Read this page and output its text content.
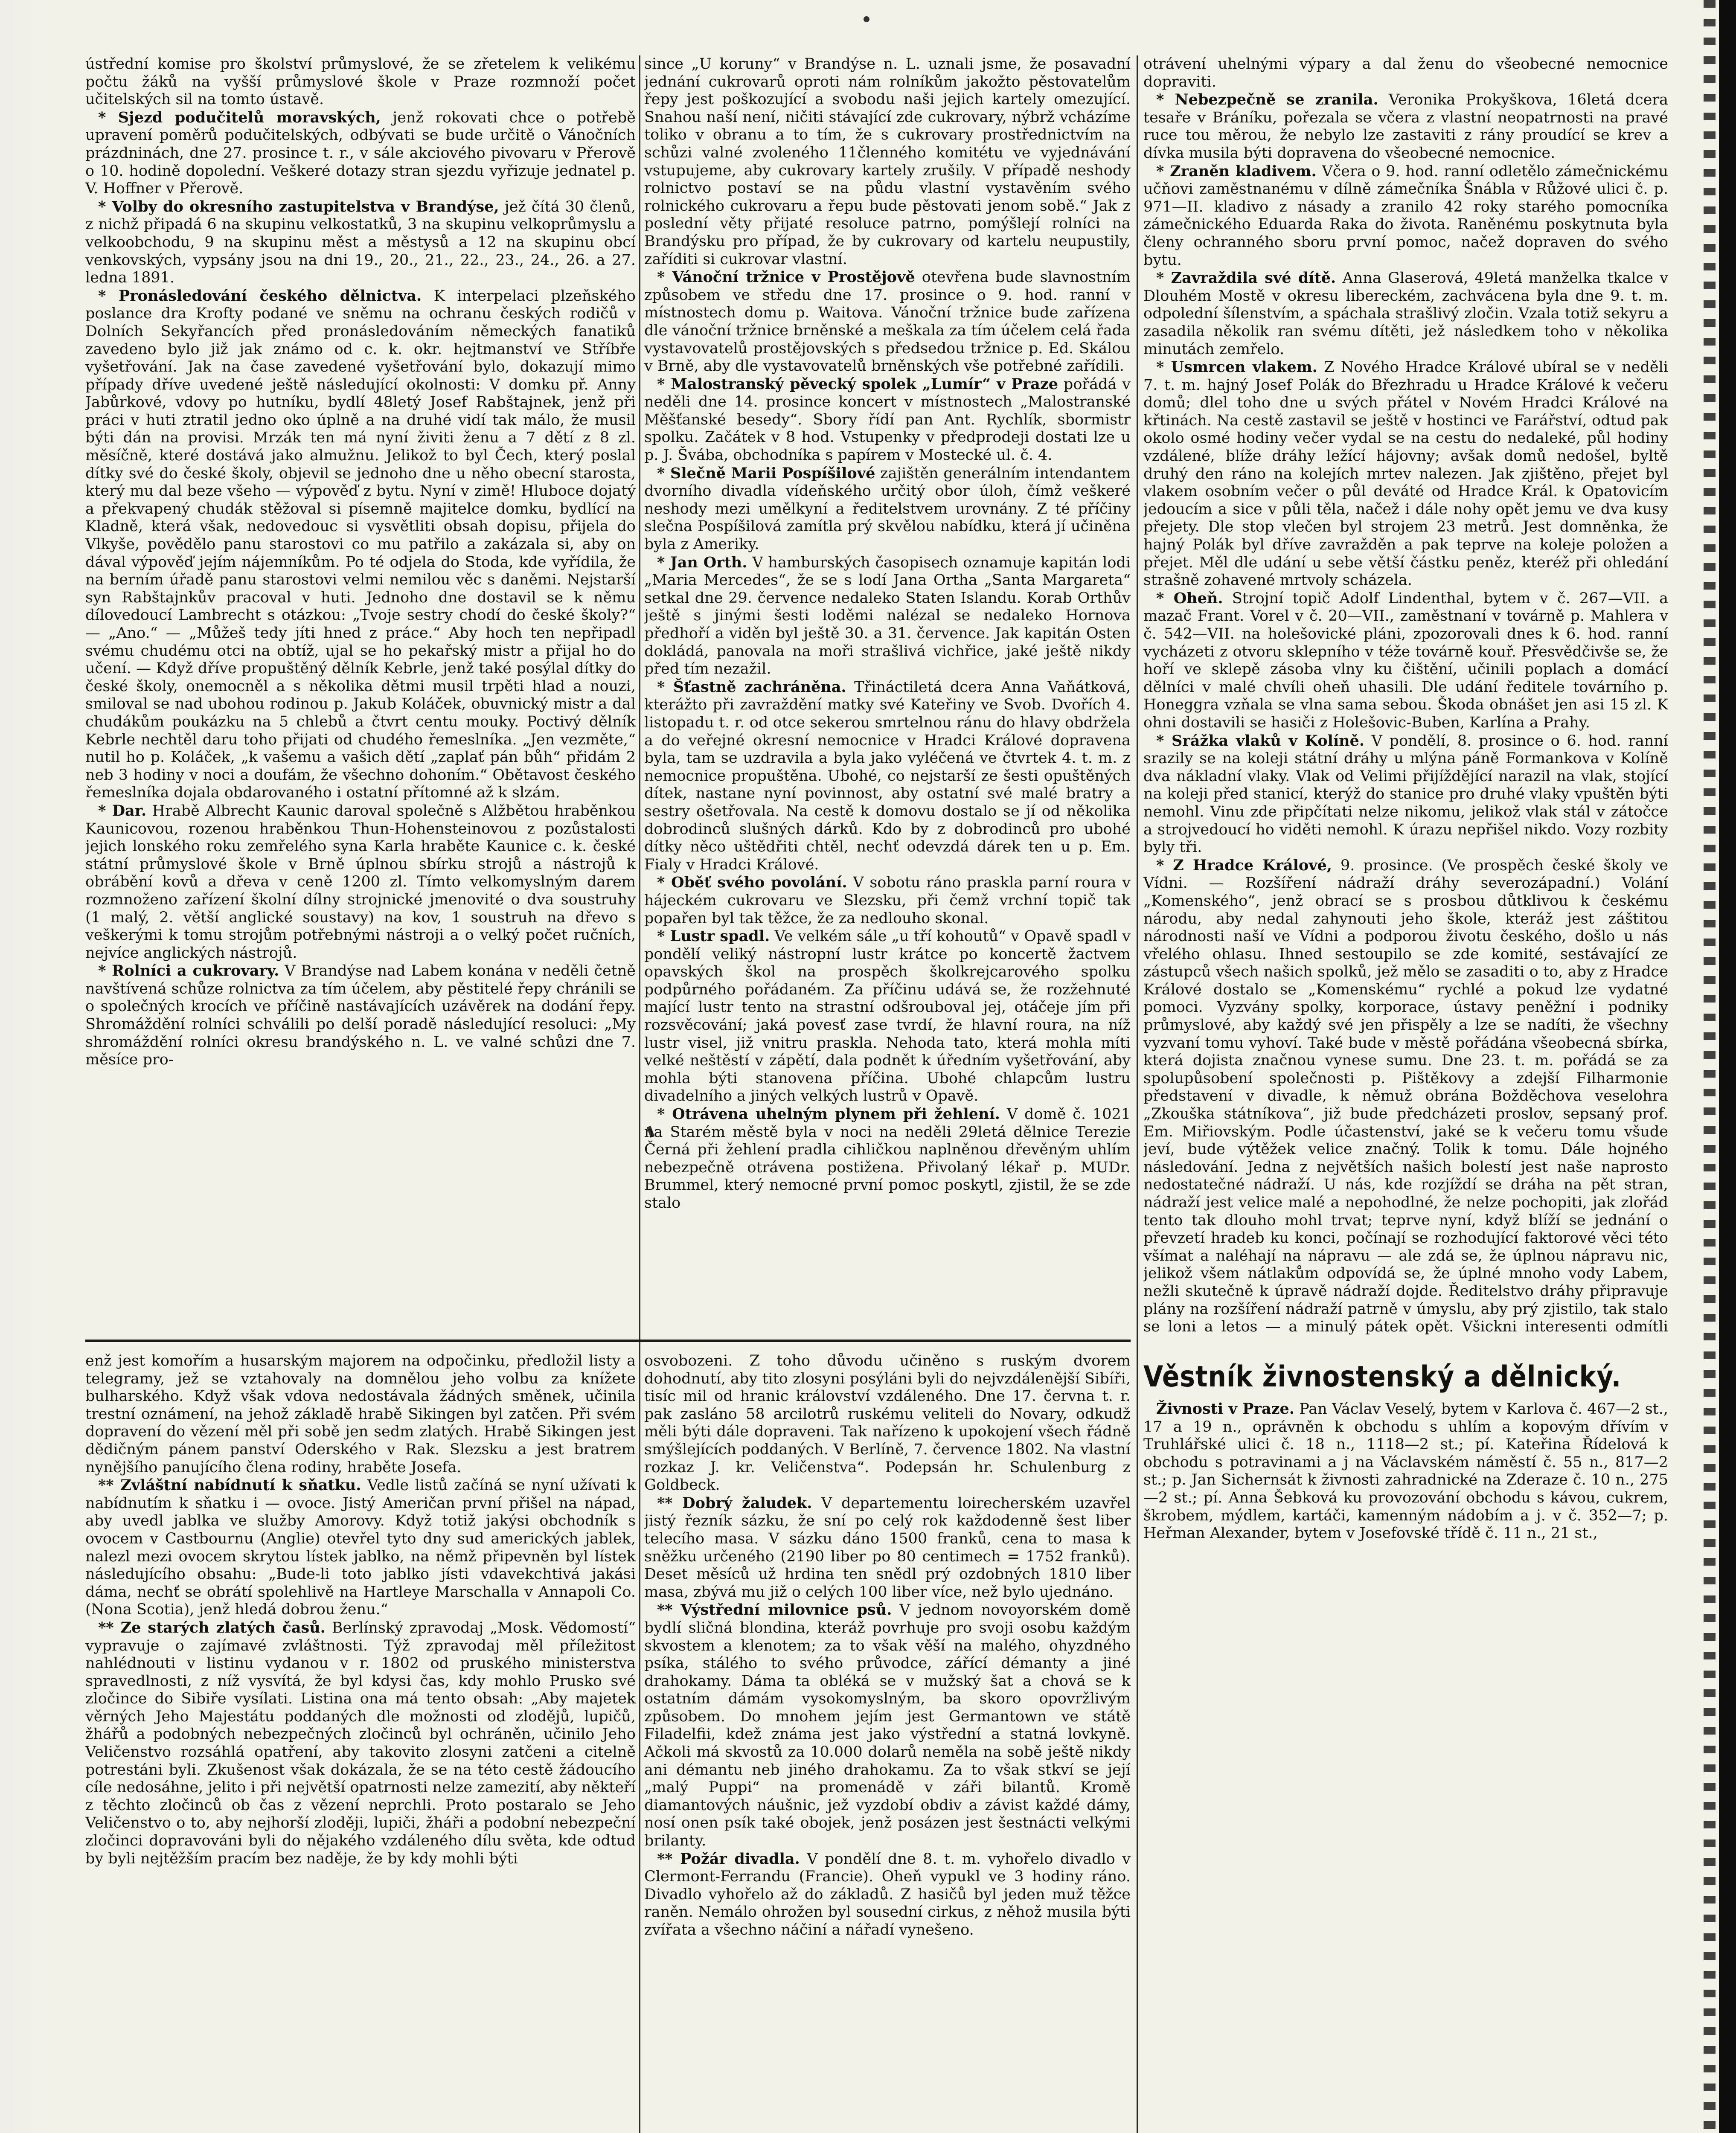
ústřední komise pro školství průmyslové, že se zřetelem k velikému počtu žáků na vyšší průmyslové škole v Praze rozmnoží počet učitelských sil na tomto ústavě.

* Sjezd podučitelů moravských, jenž rokovati chce o potřebě upravení poměrů podučitelských, odbývati se bude určitě o Vánočních prázdninách, dne 27. prosince t. r., v sále akciového pivovaru v Přerově o 10. hodině dopolední. Veškeré dotazy stran sjezdu vyřizuje jednatel p. V. Hoffner v Přerově.

* Volby do okresního zastupitelstva v Brandýse, jež čítá 30 členů, z nichž připadá 6 na skupinu velkostatků, 3 na skupinu velkoprůmyslu a velkoobchodu, 9 na skupinu měst a městysů a 12 na skupinu obcí venkovských, vypsány jsou na dni 19., 20., 21., 22., 23., 24., 26. a 27. ledna 1891.

* Pronásledování českého dělnictva. K interpelaci plzeňského poslance dra Krofty podané ve sněmu na ochranu českých rodičů v Dolních Sekyřancích před pronásledováním německých fanatiků zavedeno bylo již jak známo od c. k. okr. hejtmanství ve Stříbře vyšetřování. Jak na čase zavedené vyšetřování bylo, dokazují mimo případy dříve uvedené ještě následující okolnosti: V domku př. Anny Jabůrkové, vdovy po hutníku, bydlí 48letý Josef Rabštajnek, jenž při práci v huti ztratil jedno oko úplně a na druhé vidí tak málo, že musil býti dán na provisi. Mrzák ten má nyní živiti ženu a 7 dětí z 8 zl. měsíčně, které dostává jako almužnu. Jelikož to byl Čech, který poslal dítky své do české školy, objevil se jednoho dne u něho obecní starosta, který mu dal beze všeho — výpověď z bytu. Nyní v zimě! Hluboce dojatý a překvapený chudák stěžoval si písemně majitelce domku, bydlící na Kladně, která však, nedovedouc si vysvětliti obsah dopisu, přijela do Vlkyše, povědělo panu starostovi co mu patřilo a zakázala si, aby on dával výpověď jejím nájemníkům. Po té odjela do Stoda, kde vyřídila, že na berním úřadě panu starostovi velmi nemilou věc s daněmi. Nejstarší syn Rabštajnkův pracoval v huti. Jednoho dne dostavil se k němu dílovedoucí Lambrecht s otázkou: „Tvoje sestry chodí do české školy?“ — „Ano.“ — „Můžeš tedy jíti hned z práce.“ Aby hoch ten nepřipadl svému chudému otci na obtíž, ujal se ho pekařský mistr a přijal ho do učení. — Když dříve propuštěný dělník Kebrle, jenž také posýlal dítky do české školy, onemocněl a s několika dětmi musil trpěti hlad a nouzi, smiloval se nad ubohou rodinou p. Jakub Koláček, obuvnický mistr a dal chudákům poukázku na 5 chlebů a čtvrt centu mouky. Poctivý dělník Kebrle nechtěl daru toho přijati od chudého řemeslníka. „Jen vezměte,“ nutil ho p. Koláček, „k vašemu a vašich dětí „zaplať pán bůh“ přidám 2 neb 3 hodiny v noci a doufám, že všechno dohoním.“ Obětavost českého řemeslníka dojala obdarovaného i ostatní přítomné až k slzám.

* Dar. Hrabě Albrecht Kaunic daroval společně s Alžbětou hraběnkou Kaunicovou, rozenou hraběnkou Thun-Hohensteinovou z pozůstalosti jejich lonského roku zemřelého syna Karla hraběte Kaunice c. k. české státní průmyslové škole v Brně úplnou sbírku strojů a nástrojů k obrábění kovů a dřeva v ceně 1200 zl. Tímto velkomyslným darem rozmnoženo zařízení školní dílny strojnické jmenovité o dva soustruhy (1 malý, 2. větší anglické soustavy) na kov, 1 soustruh na dřevo s veškerými k tomu strojům potřebnými nástroji a o velký počet ručních, nejvíce anglických nástrojů.

* Rolníci a cukrovary. V Brandýse nad Labem konána v neděli četně navštívená schůze rolnictva za tím účelem, aby pěstitelé řepy chránili se o společných krocích ve příčině nastávajících uzávěrek na dodání řepy. Shromáždění rolníci schválili po delší poradě následující resoluci: „My shromáždění rolníci okresu brandýského n. L. ve valné schůzi dne 7. měsíce pro-

since „U koruny“ v Brandýse n. L. uznali jsme, že posavadní jednání cukrovarů oproti nám rolníkům jakožto pěstovatelům řepy jest poškozující a svobodu naši jejich kartely omezující. Snahou naší není, ničiti stávající zde cukrovary, nýbrž vcházíme toliko v obranu a to tím, že s cukrovary prostřednictvím na schůzi valné zvoleného 11členného komitétu ve vyjednávání vstupujeme, aby cukrovary kartely zrušily. V případě neshody rolnictvo postaví se na půdu vlastní vystavěním svého rolnického cukrovaru a řepu bude pěstovati jenom sobě.“ Jak z poslední věty přijaté resoluce patrno, pomýšlejí rolníci na Brandýsku pro případ, že by cukrovary od kartelu neupustily, zaříditi si cukrovar vlastní.

* Vánoční tržnice v Prostějově otevřena bude slavnostním způsobem ve středu dne 17. prosince o 9. hod. ranní v místnostech domu p. Waitova. Vánoční tržnice bude zařízena dle vánoční tržnice brněnské a meškala za tím účelem celá řada vystavovatelů prostějovských s předsedou tržnice p. Ed. Skálou v Brně, aby dle vystavovatelů brněnských vše potřebné zařídili.

* Malostranský pěvecký spolek „Lumír“ v Praze pořádá v neděli dne 14. prosince koncert v místnostech „Malostranské Měšťanské besedy“. Sbory řídí pan Ant. Rychlík, sbormistr spolku. Začátek v 8 hod. Vstupenky v předprodeji dostati lze u p. J. Švába, obchodníka s papírem v Mostecké ul. č. 4.

* Slečně Marii Pospíšilové zajištěn generálním intendantem dvorního divadla vídeňského určitý obor úloh, čímž veškeré neshody mezi umělkyní a ředitelstvem urovnány. Z té příčiny slečna Pospíšilová zamítla prý skvělou nabídku, která jí učiněna byla z Ameriky.

* Jan Orth. V hamburských časopisech oznamuje kapitán lodi „Maria Mercedes“, že se s lodí Jana Ortha „Santa Margareta“ setkal dne 29. července nedaleko Staten Islandu. Korab Orthův ještě s jinými šesti loděmi nalézal se nedaleko Hornova předhoří a viděn byl ještě 30. a 31. července. Jak kapitán Osten dokládá, panovala na moři strašlivá vichřice, jaké ještě nikdy před tím nezažil.

* Šťastně zachráněna. Třináctiletá dcera Anna Vaňátková, kterážto při zavraždění matky své Kateřiny ve Svob. Dvořích 4. listopadu t. r. od otce sekerou smrtelnou ránu do hlavy obdržela a do veřejné okresní nemocnice v Hradci Králové dopravena byla, tam se uzdravila a byla jako vyléčená ve čtvrtek 4. t. m. z nemocnice propuštěna. Ubohé, co nejstarší ze šesti opuštěných dítek, nastane nyní povinnost, aby ostatní své malé bratry a sestry ošetřovala. Na cestě k domovu dostalo se jí od několika dobrodinců slušných dárků. Kdo by z dobrodinců pro ubohé dítky něco uštědřiti chtěl, nechť odevzdá dárek ten u p. Em. Fialy v Hradci Králové.

* Oběť svého povolání. V sobotu ráno praskla parní roura v hájeckém cukrovaru ve Slezsku, při čemž vrchní topič tak popařen byl tak těžce, že za nedlouho skonal.

* Lustr spadl. Ve velkém sále „u tří kohoutů“ v Opavě spadl v pondělí veliký nástropní lustr krátce po koncertě žactvem opavských škol na prospěch školkrejcarového spolku podpůrného pořádaném. Za příčinu udává se, že rozžehnuté mající lustr tento na strastní odšrouboval jej, otáčeje jím při rozsvěcování; jaká povesť zase tvrdí, že hlavní roura, na níž lustr visel, již vnitru praskla. Nehoda tato, která mohla míti velké neštěstí v zápětí, dala podnět k úředním vyšetřování, aby mohla býti stanovena příčina. Ubohé chlapcům lustru divadelního a jiných velkých lustrů v Opavě.

* Otrávena uhelným plynem při žehlení. V domě č. 1021 na Starém městě byla v noci na neděli 29letá dělnice Terezie Černá při žehlení pradla cihličkou naplněnou dřevěným uhlím nebezpečně otrávena postižena. Přivolaný lékař p. MUDr. Brummel, který nemocné první pomoc poskytl, zjistil, že se zde stalo

otrávení uhelnými výpary a dal ženu do všeobecné nemocnice dopraviti.

* Nebezpečně se zranila. Veronika Prokyškova, 16letá dcera tesaře v Bráníku, pořezala se včera z vlastní neopatrnosti na pravé ruce tou měrou, že nebylo lze zastaviti z rány proudící se krev a dívka musila býti dopravena do všeobecné nemocnice.

* Zraněn kladivem. Včera o 9. hod. ranní odletělo zámečnickému učňovi zaměstnanému v dílně zámečníka Šnábla v Růžové ulici č. p. 971—II. kladivo z násady a zranilo 42 roky starého pomocníka zámečnického Eduarda Raka do života. Raněnému poskytnuta byla členy ochranného sboru první pomoc, načež dopraven do svého bytu.

* Zavraždila své dítě. Anna Glaserová, 49letá manželka tkalce v Dlouhém Mostě v okresu libereckém, zachvácena byla dne 9. t. m. odpolední šílenstvím, a spáchala strašlivý zločin. Vzala totiž sekyru a zasadila několik ran svému dítěti, jež následkem toho v několika minutách zemřelo.

* Usmrcen vlakem. Z Nového Hradce Králové ubíral se v neděli 7. t. m. hajný Josef Polák do Březhradu u Hradce Králové k večeru domů; dlel toho dne u svých přátel v Novém Hradci Králové na křtinách. Na cestě zastavil se ještě v hostinci ve Farářství, odtud pak okolo osmé hodiny večer vydal se na cestu do nedaleké, půl hodiny vzdálené, blíže dráhy ležící hájovny; avšak domů nedošel, byltě druhý den ráno na kolejích mrtev nalezen. Jak zjištěno, přejet byl vlakem osobním večer o půl deváté od Hradce Král. k Opatovicím jedoucím a sice v půli těla, načež i dále nohy opět jemu ve dva kusy přejety. Dle stop vlečen byl strojem 23 metrů. Jest domněnka, že hajný Polák byl dříve zavražděn a pak teprve na koleje položen a přejet. Měl dle udání u sebe větší částku peněz, kteréž při ohledání strašně zohavené mrtvoly scházela.

* Oheň. Strojní topič Adolf Lindenthal, bytem v č. 267—VII. a mazač Frant. Vorel v č. 20—VII., zaměstnaní v továrně p. Mahlera v č. 542—VII. na holešovické pláni, zpozorovali dnes k 6. hod. ranní vycházeti z otvoru sklepního v téže továrně kouř. Přesvědčivše se, že hoří ve sklepě zásoba vlny ku čištění, učinili poplach a domácí dělníci v malé chvíli oheň uhasili. Dle udání ředitele továrního p. Honeggra vzňala se vlna sama sebou. Škoda obnášet jen asi 15 zl. K ohni dostavili se hasiči z Holešovic-Buben, Karlína a Prahy.

* Srážka vlaků v Kolíně. V pondělí, 8. prosince o 6. hod. ranní srazily se na koleji státní dráhy u mlýna páně Formankova v Kolíně dva nákladní vlaky. Vlak od Velimi přijíždějící narazil na vlak, stojící na koleji před stanicí, kterýž do stanice pro druhé vlaky vpuštěn býti nemohl. Vinu zde připčítati nelze nikomu, jelikož vlak stál v zátočce a strojvedoucí ho viděti nemohl. K úrazu nepřišel nikdo. Vozy rozbity byly tři.

* Z Hradce Králové, 9. prosince. (Ve prospěch české školy ve Vídni. — Rozšíření nádraží dráhy severozápadní.) Volání „Komenského“, jenž obrací se s prosbou důtklivou k českému národu, aby nedal zahynouti jeho škole, kteráž jest záštitou národnosti naší ve Vídni a podporou životu českého, došlo u nás vřelého ohlasu. Ihned sestoupilo se zde komité, sestávající ze zástupců všech našich spolků, jež mělo se zasaditi o to, aby z Hradce Králové dostalo se „Komenskému“ rychlé a pokud lze vydatné pomoci. Vyzvány spolky, korporace, ústavy peněžní i podniky průmyslové, aby každý své jen přispěly a lze se nadíti, že všechny vyzvaní tomu vyhoví. Také bude v městě pořádána všeobecná sbírka, která dojista značnou vynese sumu. Dne 23. t. m. pořádá se za spolupůsobení společnosti p. Pištěkovy a zdejší Filharmonie představení v divadle, k němuž obrána Božděchova veselohra „Zkouška státníkova“, již bude předcházeti proslov, sepsaný prof. Em. Miřiovským. Podle účastenství, jaké se k večeru tomu všude jeví, bude výtěžek velice značný. Tolik k tomu. Dále hojného následování. Jedna z největších našich bolestí jest naše naprosto nedostatečné nádraží. U nás, kde rozjíždí se dráha na pět stran, nádraží jest velice malé a nepohodlné, že nelze pochopiti, jak zlořád tento tak dlouho mohl trvat; teprve nyní, když blíží se jednání o převzetí hradeb ku konci, počínají se rozhodující faktorové věci této všímat a naléhají na nápravu — ale zdá se, že úplnou nápravu nic, jelikož všem nátlakům odpovídá se, že úplné mnoho vody Labem, nežli skutečně k úpravě nádraží dojde. Ředitelstvo dráhy připravuje plány na rozšíření nádraží patrně v úmyslu, aby prý zjistilo, tak stalo se loni a letos — a minulý pátek opět. Všickni interesenti odmítli

enž jest komořím a husarským majorem na odpočinku, předložil listy a telegramy, jež se vztahovaly na domnělou jeho volbu za knížete bulharského. Když však vdova nedostávala žádných směnek, učinila trestní oznámení, na jehož základě hrabě Sikingen byl zatčen. Při svém dopravení do vězení měl při sobě jen sedm zlatých. Hrabě Sikingen jest dědičným pánem panství Oderského v Rak. Slezsku a jest bratrem nynějšího panujícího člena rodiny, hraběte Josefa.

** Zvláštní nabídnutí k sňatku. Vedle listů začíná se nyní užívati k nabídnutím k sňatku i — ovoce. Jistý Američan první přišel na nápad, aby uvedl jablka ve služby Amorovy. Když totiž jakýsi obchodník s ovocem v Castbournu (Anglie) otevřel tyto dny sud amerických jablek, nalezl mezi ovocem skrytou lístek jablko, na němž připevněn byl lístek následujícího obsahu: „Bude-li toto jablko jísti vdavekchtivá jakási dáma, nechť se obrátí spolehlivě na Hartleye Marschalla v Annapoli Co. (Nona Scotia), jenž hledá dobrou ženu.“

** Ze starých zlatých časů. Berlínský zpravodaj „Mosk. Vědomostí“ vypravuje o zajímavé zvláštnosti. Týž zpravodaj měl příležitost nahlédnouti v listinu vydanou v r. 1802 od pruského ministerstva spravedlnosti, z níž vysvítá, že byl kdysi čas, kdy mohlo Prusko své zločince do Sibiře vysílati. Listina ona má tento obsah: „Aby majetek věrných Jeho Majestátu poddaných dle možnosti od zlodějů, lupičů, žhářů a podobných nebezpečných zločinců byl ochráněn, učinilo Jeho Veličenstvo rozsáhlá opatření, aby takovito zlosyni zatčeni a citelně potrestáni byli. Zkušenost však dokázala, že se na této cestě žádoucího cíle nedosáhne, jelito i při největší opatrnosti nelze zamezití, aby někteří z těchto zločinců ob čas z vězení neprchli. Proto postaralo se Jeho Veličenstvo o to, aby nejhorší zloději, lupiči, žháři a podobní nebezpeční zločinci dopravováni byli do nějakého vzdáleného dílu světa, kde odtud by byli nejtěžším pracím bez naděje, že by kdy mohli býti

osvobozeni. Z toho důvodu učiněno s ruským dvorem dohodnutí, aby tito zlosyni posýláni byli do nejvzdálenější Sibíři, tisíc mil od hranic království vzdáleného. Dne 17. června t. r. pak zasláno 58 arcilotrů ruskému veliteli do Novary, odkudž měli býti dále dopraveni. Tak nařízeno k upokojení všech řádně smýšlejících poddaných. V Berlíně, 7. července 1802. Na vlastní rozkaz J. kr. Veličenstva“. Podepsán hr. Schulenburg z Goldbeck.

** Dobrý žaludek. V departementu loirecherském uzavřel jistý řezník sázku, že sní po celý rok každodenně šest liber telecího masa. V sázku dáno 1500 franků, cena to masa k sněžku určeného (2190 liber po 80 centimech = 1752 franků). Deset měsíců už hrdina ten snědl prý ozdobných 1810 liber masa, zbývá mu již o celých 100 liber více, než bylo ujednáno.

** Výstřední milovnice psů. V jednom novoyorském domě bydlí sličná blondina, kteráž povrhuje pro svoji osobu každým skvostem a klenotem; za to však věší na malého, ohyzdného psíka, stálého to svého průvodce, zářící démanty a jiné drahokamy. Dáma ta obléká se v mužský šat a chová se k ostatním dámám vysokomyslným, ba skoro opovržlivým způsobem. Do mnohem jejím jest Germantown ve státě Filadelfii, kdež známa jest jako výstřední a statná lovkyně. Ačkoli má skvostů za 10.000 dolarů neměla na sobě ještě nikdy ani démantu neb jiného drahokamu. Za to však stkví se její „malý Puppi“ na promenádě v záři bilantů. Kromě diamantových náušnic, jež vyzdobí obdiv a závist každé dámy, nosí onen psík také obojek, jenž posázen jest šestnácti velkými brilanty.

** Požár divadla. V pondělí dne 8. t. m. vyhořelo divadlo v Clermont-Ferrandu (Francie). Oheň vypukl ve 3 hodiny ráno. Divadlo vyhořelo až do základů. Z hasičů byl jeden muž těžce raněn. Nemálo ohrožen byl sousední cirkus, z něhož musila býti zvířata a všechno náčiní a nářadí vynešeno.

Věstník živnostenský a dělnický.

Živnosti v Praze. Pan Václav Veselý, bytem v Karlova č. 467—2 st., 17 a 19 n., oprávněn k obchodu s uhlím a kopovým dřívím v Truhlářské ulici č. 18 n., 1118—2 st.; pí. Kateřina Řídelová k obchodu s potravinami a j na Václavském náměstí č. 55 n., 817—2 st.; p. Jan Sichernsát k živnosti zahradnické na Zderaze č. 10 n., 275—2 st.; pí. Anna Šebková ku provozování obchodu s kávou, cukrem, škrobem, mýdlem, kartáči, kamenným nádobím a j. v č. 352—7; p. Heřman Alexander, bytem v Josefovské třídě č. 11 n., 21 st.,
